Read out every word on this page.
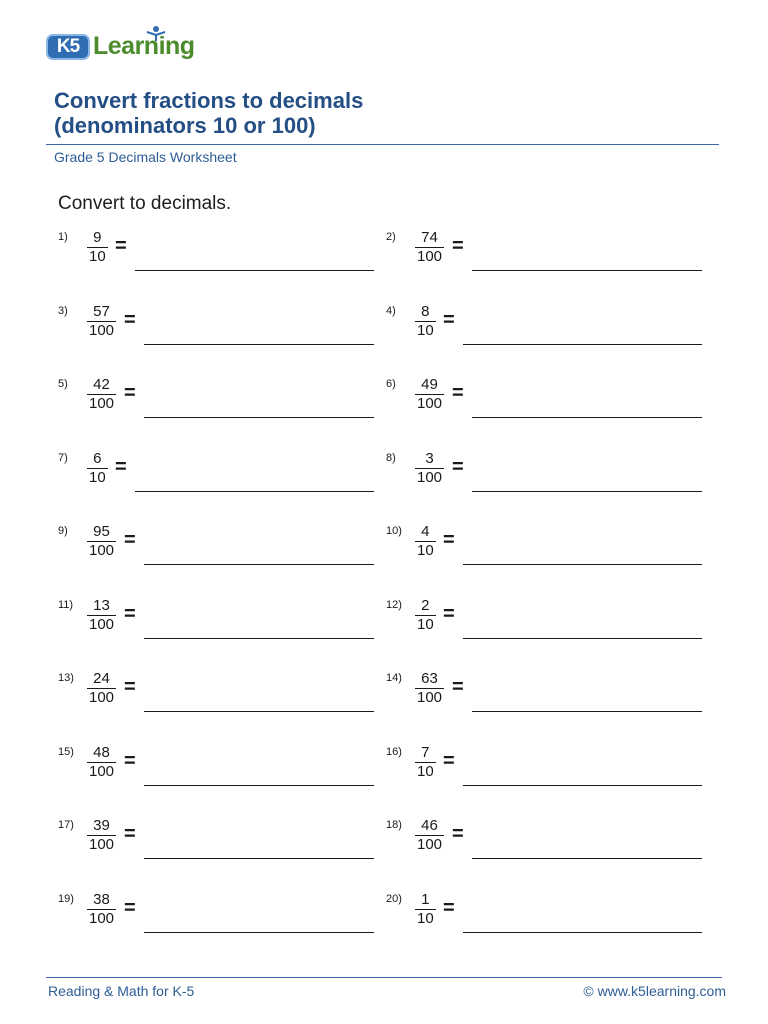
K5 Learning
Convert fractions to decimals
(denominators 10 or 100)
Grade 5 Decimals Worksheet
Convert to decimals.
1) 9
10 =	2) 74
100 =
3) 57
100 =	4) 8
10 =
5) 42
100 =	6) 49
100 =
7) 6
10 =	8) 3
100 =
9) 95
100 =	10) 4
10 =
11) 13
100 =	12) 2
10 =
13) 24
100 =	14) 63
100 =
15) 48
100 =	16) 7
10 =
17) 39
100 =	18) 46
100 =
19) 38
100 =	20) 1
10 =
Reading & Math for K-5	© www.k5learning.com
